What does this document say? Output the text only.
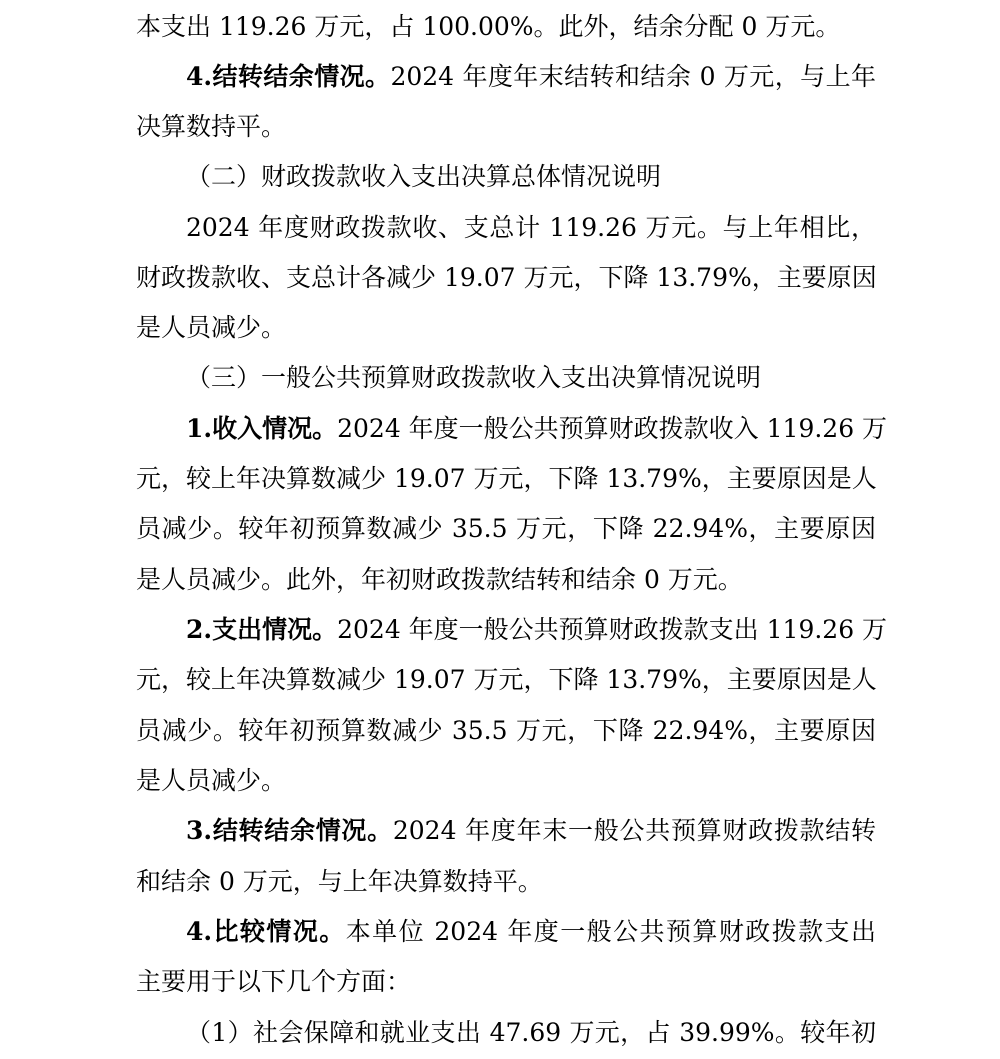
本支出 119.26 万元，占 100.00%。此外，结余分配 0 万元。
4.结转结余情况。2024 年度年末结转和结余 0 万元，与上年
决算数持平。
（二）财政拨款收入支出决算总体情况说明
2024 年度财政拨款收、支总计 119.26 万元。与上年相比，
财政拨款收、支总计各减少 19.07 万元，下降 13.79%，主要原因
是人员减少。
（三）一般公共预算财政拨款收入支出决算情况说明
1.收入情况。2024 年度一般公共预算财政拨款收入 119.26 万
元，较上年决算数减少 19.07 万元，下降 13.79%，主要原因是人
员减少。较年初预算数减少 35.5 万元，下降 22.94%，主要原因
是人员减少。此外，年初财政拨款结转和结余 0 万元。
2.支出情况。2024 年度一般公共预算财政拨款支出 119.26 万
元，较上年决算数减少 19.07 万元，下降 13.79%，主要原因是人
员减少。较年初预算数减少 35.5 万元，下降 22.94%，主要原因
是人员减少。
3.结转结余情况。2024 年度年末一般公共预算财政拨款结转
和结余 0 万元，与上年决算数持平。
4.比较情况。本单位 2024 年度一般公共预算财政拨款支出
主要用于以下几个方面：
（1）社会保障和就业支出 47.69 万元，占 39.99%。较年初
